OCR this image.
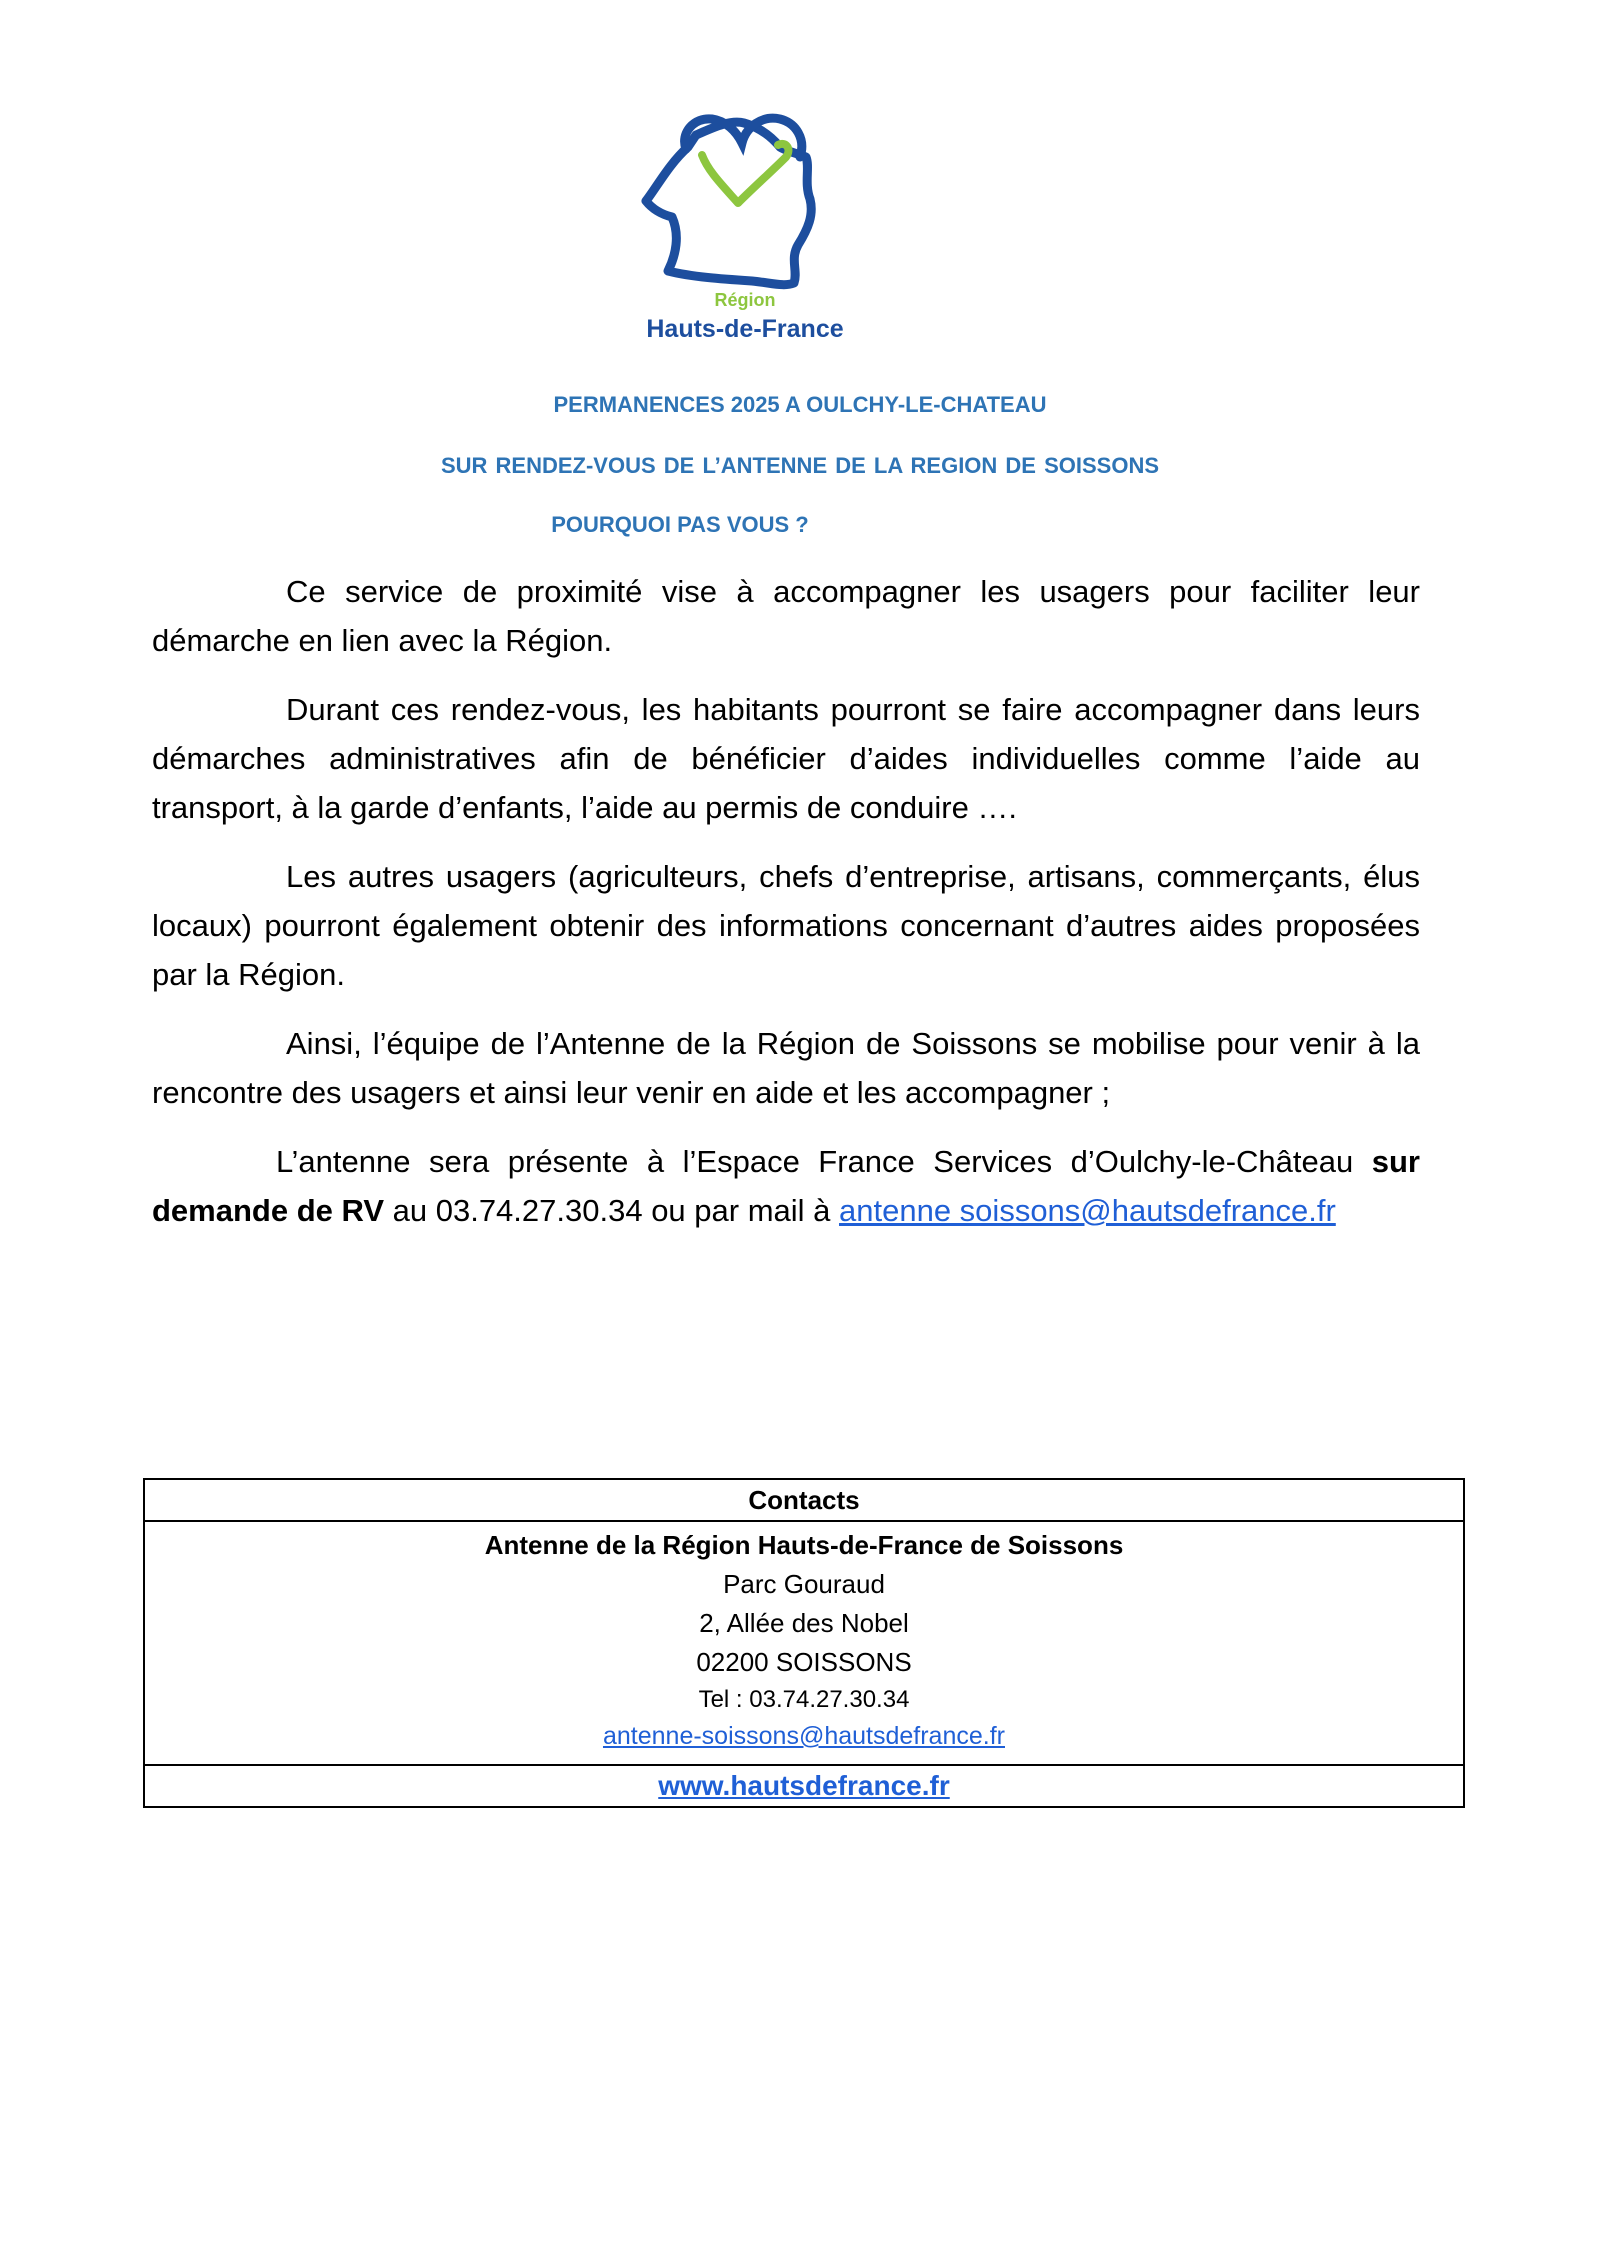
Région
Hauts-de-France
PERMANENCES 2025 A OULCHY-LE-CHATEAU
SUR RENDEZ-VOUS DE L’ANTENNE DE LA REGION DE SOISSONS
POURQUOI PAS VOUS ?

Ce service de proximité vise à accompagner les usagers pour faciliter leur démarche en lien avec la Région.

Durant ces rendez-vous, les habitants pourront se faire accompagner dans leurs démarches administratives afin de bénéficier d’aides individuelles comme l’aide au transport, à la garde d’enfants, l’aide au permis de conduire ….

Les autres usagers (agriculteurs, chefs d’entreprise, artisans, commerçants, élus locaux) pourront également obtenir des informations concernant d’autres aides proposées par la Région.

Ainsi, l’équipe de l’Antenne de la Région de Soissons se mobilise pour venir à la rencontre des usagers et ainsi leur venir en aide et les accompagner ;

L’antenne sera présente à l’Espace France Services d’Oulchy-le-Château sur demande de RV au 03.74.27.30.34 ou par mail à antenne soissons@hautsdefrance.fr

Contacts
Antenne de la Région Hauts-de-France de Soissons
Parc Gouraud
2, Allée des Nobel
02200 SOISSONS
Tel : 03.74.27.30.34
antenne-soissons@hautsdefrance.fr
www.hautsdefrance.fr
